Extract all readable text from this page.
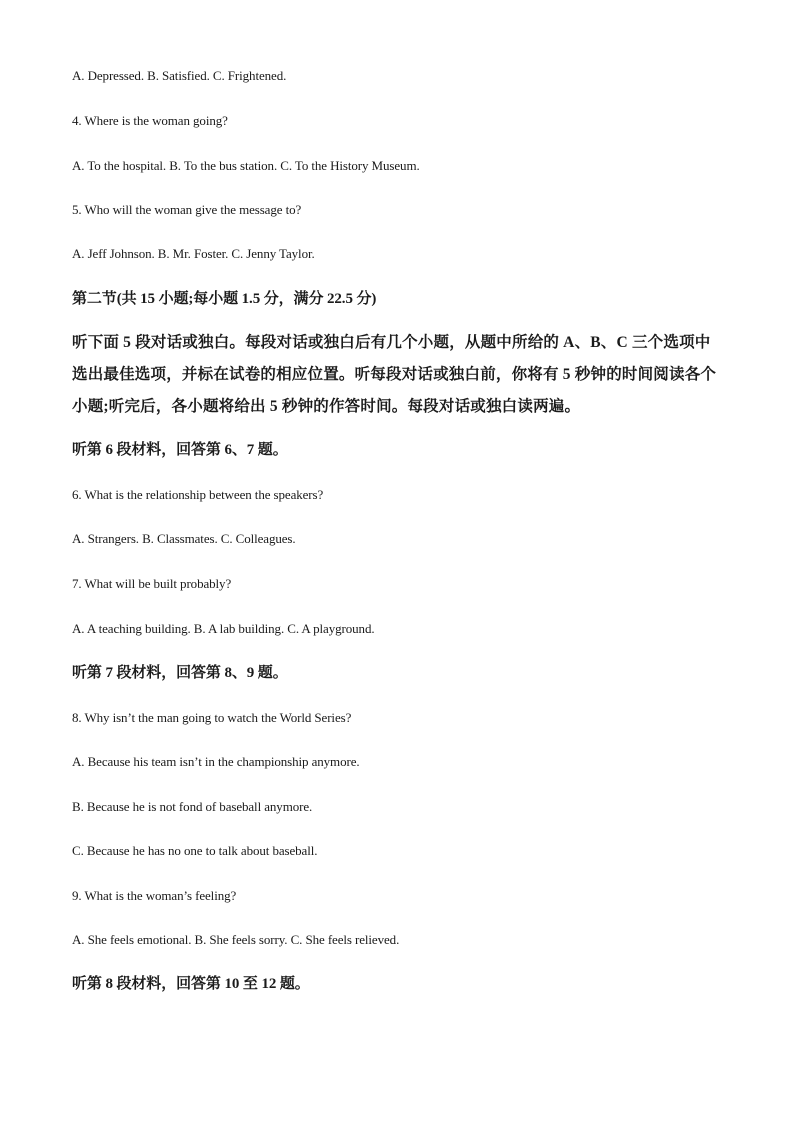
A. Depressed. B. Satisfied. C. Frightened.
4. Where is the woman going?
A. To the hospital. B. To the bus station. C. To the History Museum.
5. Who will the woman give the message to?
A. Jeff Johnson. B. Mr. Foster. C. Jenny Taylor.
第二节(共 15 小题;每小题 1.5 分，满分 22.5 分)
听下面 5 段对话或独白。每段对话或独白后有几个小题，从题中所给的 A、B、C 三个选项中选出最佳选项，并标在试卷的相应位置。听每段对话或独白前，你将有 5 秒钟的时间阅读各个小题;听完后，各小题将给出 5 秒钟的作答时间。每段对话或独白读两遍。
听第 6 段材料，回答第 6、7 题。
6. What is the relationship between the speakers?
A. Strangers. B. Classmates. C. Colleagues.
7. What will be built probably?
A. A teaching building. B. A lab building. C. A playground.
听第 7 段材料，回答第 8、9 题。
8. Why isn’t the man going to watch the World Series?
A. Because his team isn’t in the championship anymore.
B. Because he is not fond of baseball anymore.
C. Because he has no one to talk about baseball.
9. What is the woman’s feeling?
A. She feels emotional. B. She feels sorry. C. She feels relieved.
听第 8 段材料，回答第 10 至 12 题。
